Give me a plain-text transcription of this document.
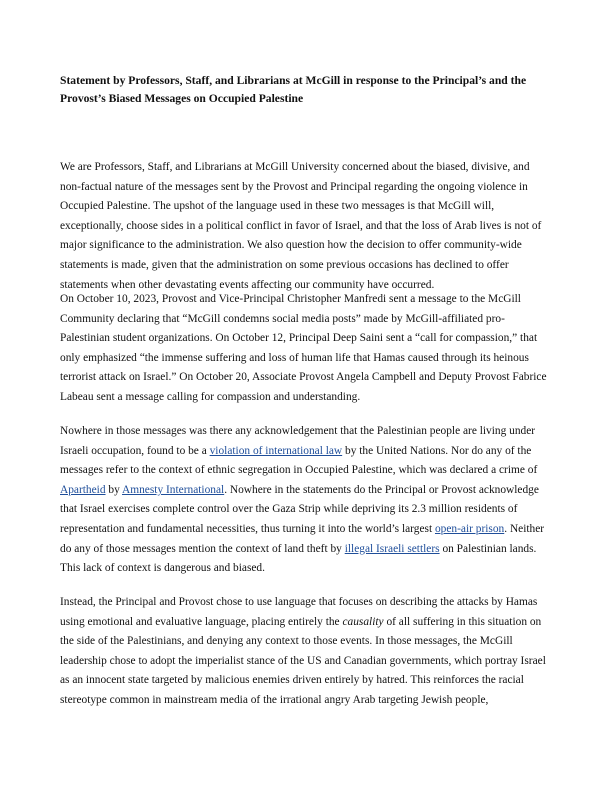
Statement by Professors, Staff, and Librarians at McGill in response to the Principal’s and the Provost’s Biased Messages on Occupied Palestine

We are Professors, Staff, and Librarians at McGill University concerned about the biased, divisive, and non-factual nature of the messages sent by the Provost and Principal regarding the ongoing violence in Occupied Palestine. The upshot of the language used in these two messages is that McGill will, exceptionally, choose sides in a political conflict in favor of Israel, and that the loss of Arab lives is not of major significance to the administration. We also question how the decision to offer community-wide statements is made, given that the administration on some previous occasions has declined to offer statements when other devastating events affecting our community have occurred.

On October 10, 2023, Provost and Vice-Principal Christopher Manfredi sent a message to the McGill Community declaring that “McGill condemns social media posts” made by McGill-affiliated pro-Palestinian student organizations. On October 12, Principal Deep Saini sent a “call for compassion,” that only emphasized “the immense suffering and loss of human life that Hamas caused through its heinous terrorist attack on Israel.” On October 20, Associate Provost Angela Campbell and Deputy Provost Fabrice Labeau sent a message calling for compassion and understanding.

Nowhere in those messages was there any acknowledgement that the Palestinian people are living under Israeli occupation, found to be a violation of international law by the United Nations. Nor do any of the messages refer to the context of ethnic segregation in Occupied Palestine, which was declared a crime of Apartheid by Amnesty International. Nowhere in the statements do the Principal or Provost acknowledge that Israel exercises complete control over the Gaza Strip while depriving its 2.3 million residents of representation and fundamental necessities, thus turning it into the world’s largest open-air prison. Neither do any of those messages mention the context of land theft by illegal Israeli settlers on Palestinian lands. This lack of context is dangerous and biased.

Instead, the Principal and Provost chose to use language that focuses on describing the attacks by Hamas using emotional and evaluative language, placing entirely the causality of all suffering in this situation on the side of the Palestinians, and denying any context to those events. In those messages, the McGill leadership chose to adopt the imperialist stance of the US and Canadian governments, which portray Israel as an innocent state targeted by malicious enemies driven entirely by hatred. This reinforces the racial stereotype common in mainstream media of the irrational angry Arab targeting Jewish people,
